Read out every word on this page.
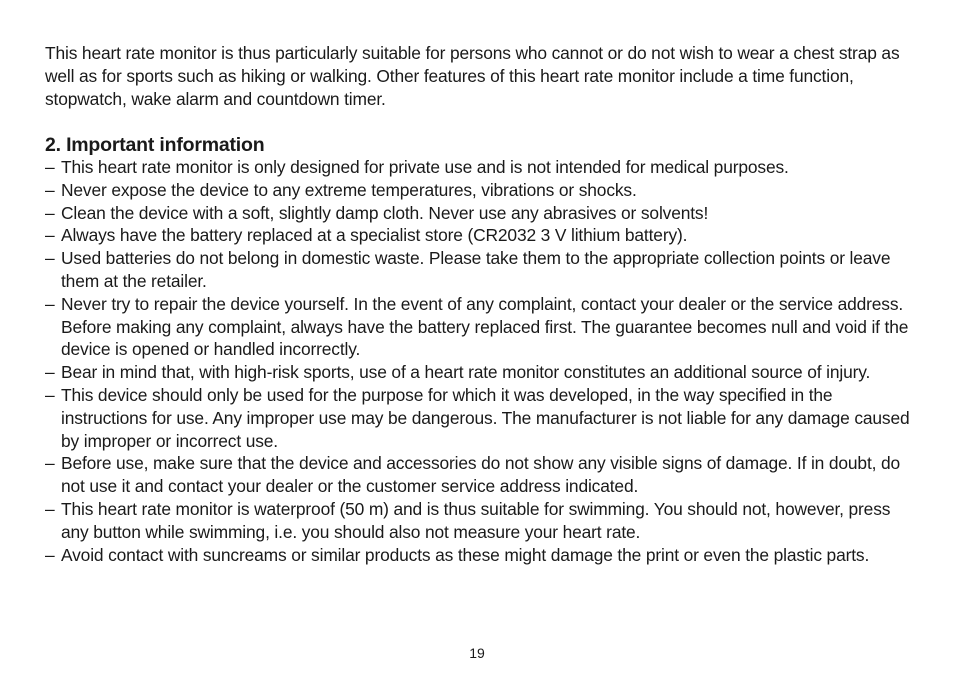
This heart rate monitor is thus particularly suitable for persons who cannot or do not wish to wear a chest strap as well as for sports such as hiking or walking. Other features of this heart rate monitor include a time function, stopwatch, wake alarm and countdown timer.

2. Important information
– This heart rate monitor is only designed for private use and is not intended for medical purposes.
– Never expose the device to any extreme temperatures, vibrations or shocks.
– Clean the device with a soft, slightly damp cloth. Never use any abrasives or solvents!
– Always have the battery replaced at a specialist store (CR2032 3 V lithium battery).
– Used batteries do not belong in domestic waste. Please take them to the appropriate collection points or leave them at the retailer.
– Never try to repair the device yourself. In the event of any complaint, contact your dealer or the service address. Before making any complaint, always have the battery replaced first. The guarantee becomes null and void if the device is opened or handled incorrectly.
– Bear in mind that, with high-risk sports, use of a heart rate monitor constitutes an additional source of injury.
– This device should only be used for the purpose for which it was developed, in the way specified in the instructions for use. Any improper use may be dangerous. The manufacturer is not liable for any damage caused by improper or incorrect use.
– Before use, make sure that the device and accessories do not show any visible signs of damage. If in doubt, do not use it and contact your dealer or the customer service address indicated.
– This heart rate monitor is waterproof (50 m) and is thus suitable for swimming. You should not, however, press any button while swimming, i.e. you should also not measure your heart rate.
– Avoid contact with suncreams or similar products as these might damage the print or even the plastic parts.
19
